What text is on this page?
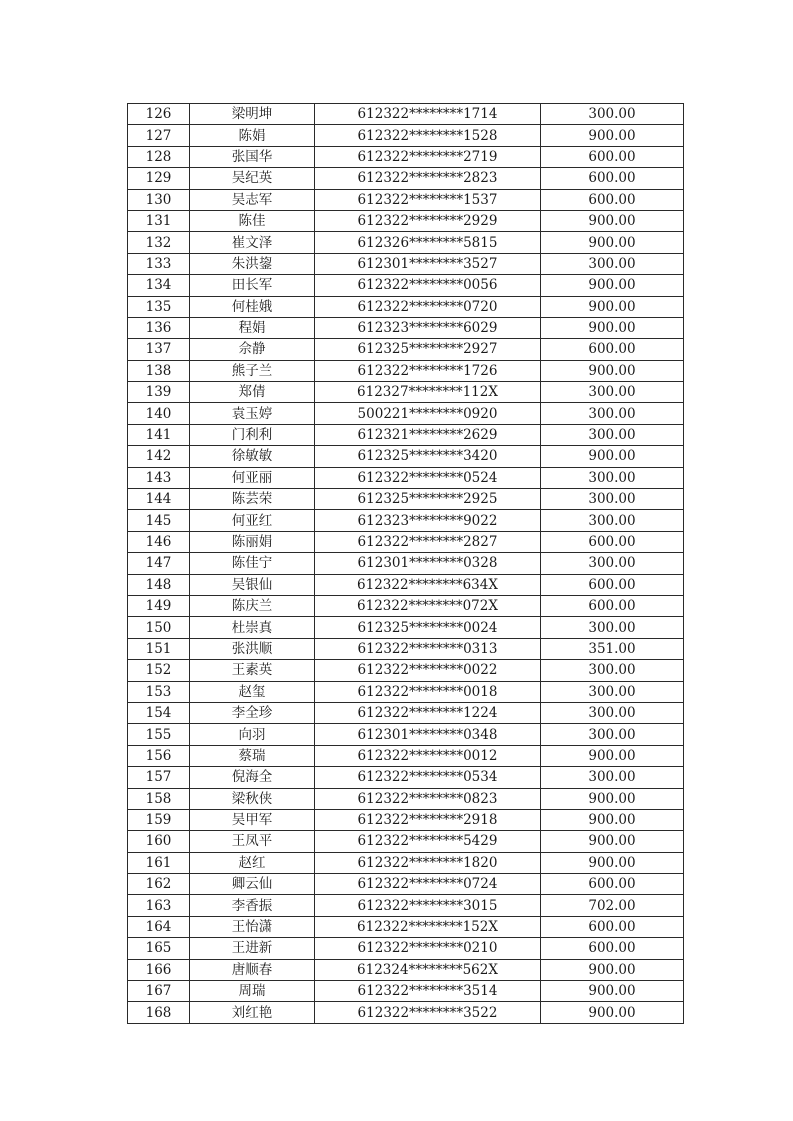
126	梁明坤	612322********1714	300.00
127	陈娟	612322********1528	900.00
128	张国华	612322********2719	600.00
129	吴纪英	612322********2823	600.00
130	吴志军	612322********1537	600.00
131	陈佳	612322********2929	900.00
132	崔文泽	612326********5815	900.00
133	朱洪鋆	612301********3527	300.00
134	田长军	612322********0056	900.00
135	何桂娥	612322********0720	900.00
136	程娟	612323********6029	900.00
137	佘静	612325********2927	600.00
138	熊子兰	612322********1726	900.00
139	郑倩	612327********112X	300.00
140	袁玉婷	500221********0920	300.00
141	门利利	612321********2629	300.00
142	徐敏敏	612325********3420	900.00
143	何亚丽	612322********0524	300.00
144	陈芸荣	612325********2925	300.00
145	何亚红	612323********9022	300.00
146	陈丽娟	612322********2827	600.00
147	陈佳宁	612301********0328	300.00
148	吴银仙	612322********634X	600.00
149	陈庆兰	612322********072X	600.00
150	杜崇真	612325********0024	300.00
151	张洪顺	612322********0313	351.00
152	王素英	612322********0022	300.00
153	赵玺	612322********0018	300.00
154	李全珍	612322********1224	300.00
155	向羽	612301********0348	300.00
156	蔡瑞	612322********0012	900.00
157	倪海全	612322********0534	300.00
158	梁秋侠	612322********0823	900.00
159	吴甲军	612322********2918	900.00
160	王凤平	612322********5429	900.00
161	赵红	612322********1820	900.00
162	卿云仙	612322********0724	600.00
163	李香振	612322********3015	702.00
164	王怡潇	612322********152X	600.00
165	王进新	612322********0210	600.00
166	唐顺春	612324********562X	900.00
167	周瑞	612322********3514	900.00
168	刘红艳	612322********3522	900.00
